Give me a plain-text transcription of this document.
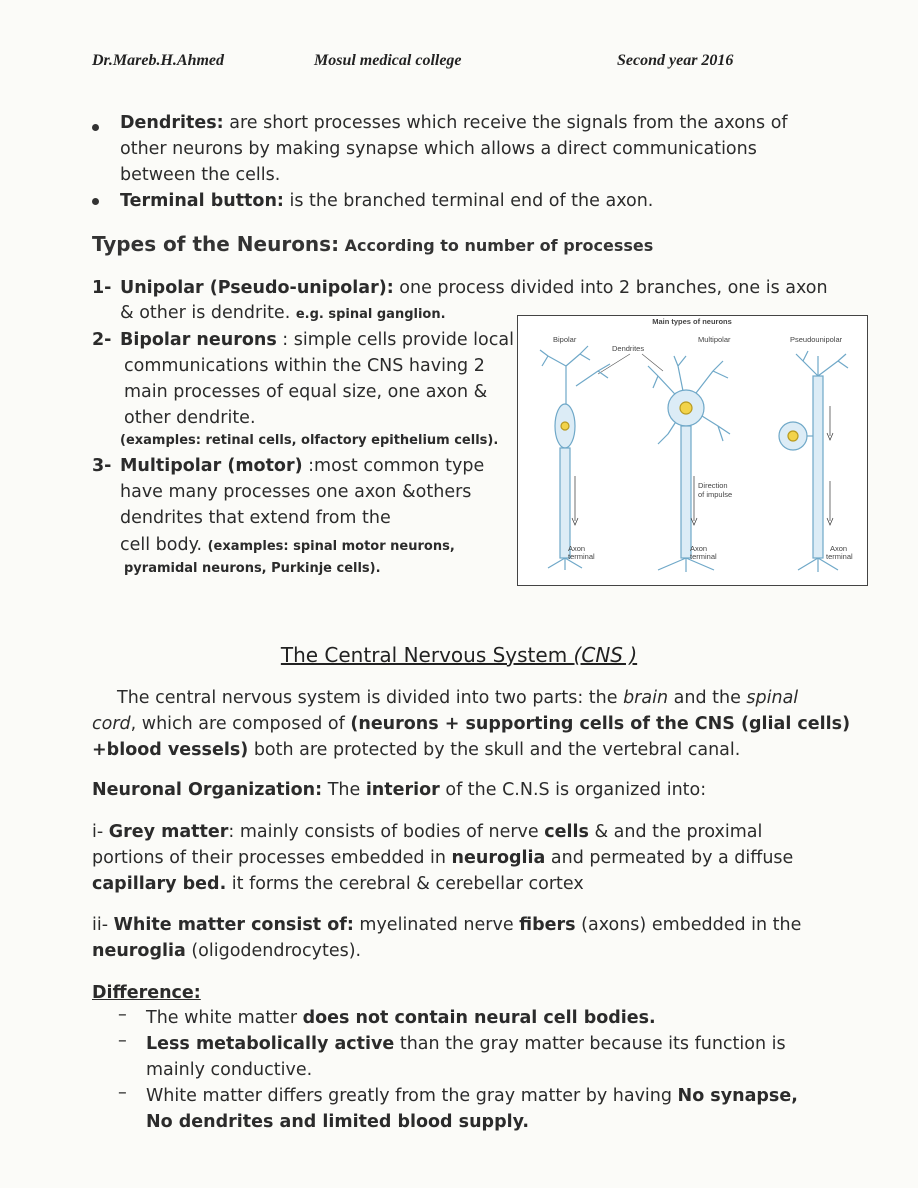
Dr.Mareb.H.Ahmed	Mosul medical college	Second year 2016
Dendrites: are short processes which receive the signals from the axons of
other neurons by making synapse which allows a direct communications
between the cells.
Terminal button: is the branched terminal end of the axon.
Types of the Neurons: According to number of processes
1- Unipolar (Pseudo-unipolar): one process divided into 2 branches, one is axon
& other is dendrite. e.g. spinal ganglion.
2- Bipolar neurons : simple cells provide local
communications within the CNS having 2
main processes of equal size, one axon &
other dendrite.
(examples: retinal cells, olfactory epithelium cells).
3- Multipolar (motor) :most common type
have many processes one axon &others
dendrites that extend from the
cell body. (examples: spinal motor neurons,
pyramidal neurons, Purkinje cells).
Main types of neurons
Bipolar	Multipolar	Pseudounipolar
Dendrites
Axon
terminal
Direction
of impulse
Axon
terminal
Axon
terminal
The Central Nervous System (CNS )
The central nervous system is divided into two parts: the brain and the spinal
cord, which are composed of (neurons + supporting cells of the CNS (glial cells)
+blood vessels) both are protected by the skull and the vertebral canal.
Neuronal Organization: The interior of the C.N.S is organized into:
i- Grey matter: mainly consists of bodies of nerve cells & and the proximal
portions of their processes embedded in neuroglia and permeated by a diffuse
capillary bed. it forms the cerebral & cerebellar cortex
ii- White matter consist of: myelinated nerve fibers (axons) embedded in the
neuroglia (oligodendrocytes).
Difference:
– The white matter does not contain neural cell bodies.
– Less metabolically active than the gray matter because its function is
mainly conductive.
– White matter differs greatly from the gray matter by having No synapse,
No dendrites and limited blood supply.
